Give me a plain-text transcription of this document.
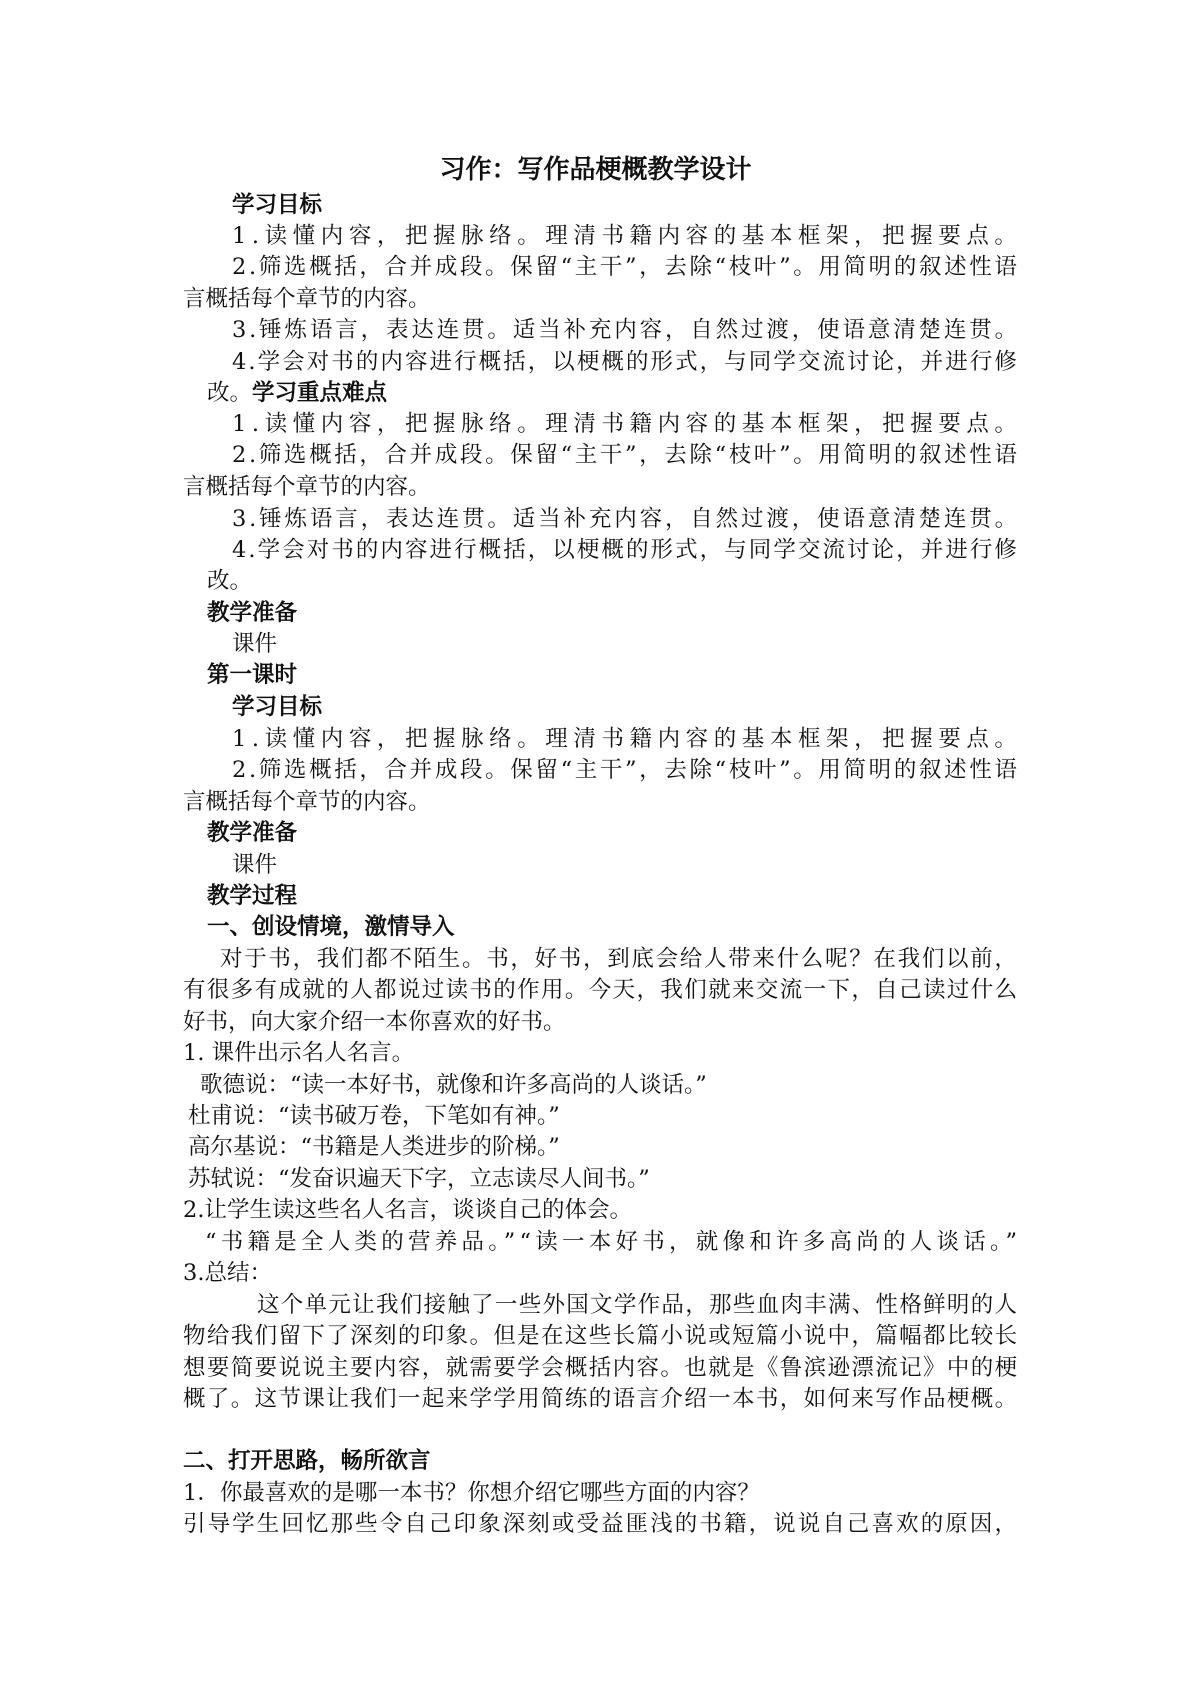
习作：写作品梗概教学设计
学习目标
1.读懂内容，把握脉络。理清书籍内容的基本框架，把握要点。
2.筛选概括，合并成段。保留“主干”，去除“枝叶”。用简明的叙述性语
言概括每个章节的内容。
3.锤炼语言，表达连贯。适当补充内容，自然过渡，使语意清楚连贯。
4.学会对书的内容进行概括，以梗概的形式，与同学交流讨论，并进行修
改。学习重点难点
1.读懂内容，把握脉络。理清书籍内容的基本框架，把握要点。
2.筛选概括，合并成段。保留“主干”，去除“枝叶”。用简明的叙述性语
言概括每个章节的内容。
3.锤炼语言，表达连贯。适当补充内容，自然过渡，使语意清楚连贯。
4.学会对书的内容进行概括，以梗概的形式，与同学交流讨论，并进行修
改。
教学准备
课件
第一课时
学习目标
1.读懂内容，把握脉络。理清书籍内容的基本框架，把握要点。
2.筛选概括，合并成段。保留“主干”，去除“枝叶”。用简明的叙述性语
言概括每个章节的内容。
教学准备
课件
教学过程
一、创设情境，激情导入
对于书，我们都不陌生。书，好书，到底会给人带来什么呢？在我们以前，
有很多有成就的人都说过读书的作用。今天，我们就来交流一下，自己读过什么
好书，向大家介绍一本你喜欢的好书。
1. 课件出示名人名言。
歌德说：“读一本好书，就像和许多高尚的人谈话。”
杜甫说：“读书破万卷，下笔如有神。”
高尔基说：“书籍是人类进步的阶梯。”
苏轼说：“发奋识遍天下字，立志读尽人间书。”
2.让学生读这些名人名言，谈谈自己的体会。
“书籍是全人类的营养品。”“读一本好书，就像和许多高尚的人谈话。”
3.总结：
这个单元让我们接触了一些外国文学作品，那些血肉丰满、性格鲜明的人
物给我们留下了深刻的印象。但是在这些长篇小说或短篇小说中，篇幅都比较长
想要简要说说主要内容，就需要学会概括内容。也就是《鲁滨逊漂流记》中的梗
概了。这节课让我们一起来学学用简练的语言介绍一本书，如何来写作品梗概。
二、打开思路，畅所欲言
1．你最喜欢的是哪一本书？你想介绍它哪些方面的内容？
引导学生回忆那些令自己印象深刻或受益匪浅的书籍，说说自己喜欢的原因，
